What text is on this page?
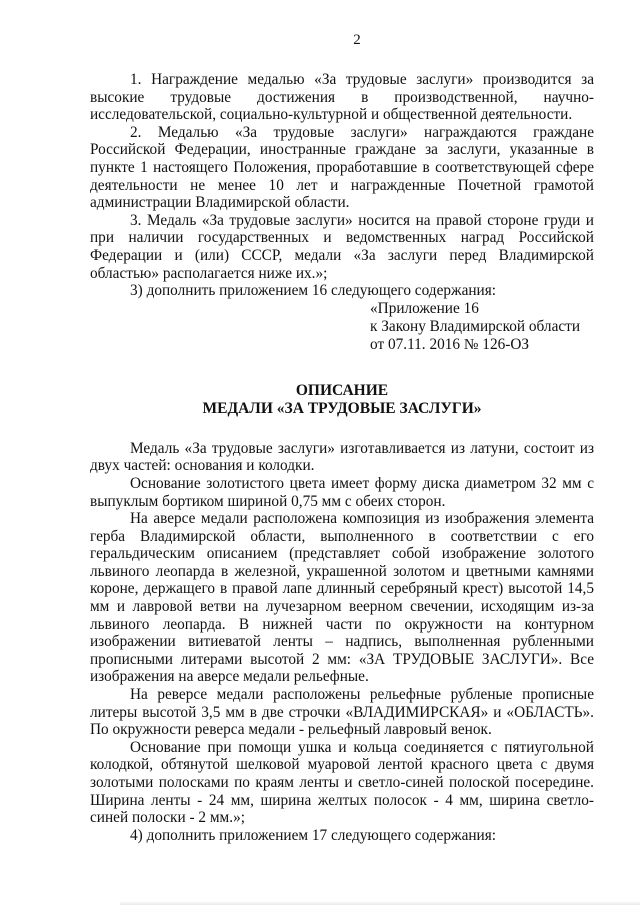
2

1. Награждение медалью «За трудовые заслуги» производится за высокие трудовые достижения в производственной, научно-исследовательской, социально-культурной и общественной деятельности.

2. Медалью «За трудовые заслуги» награждаются граждане Российской Федерации, иностранные граждане за заслуги, указанные в пункте 1 настоящего Положения, проработавшие в соответствующей сфере деятельности не менее 10 лет и награжденные Почетной грамотой администрации Владимирской области.

3. Медаль «За трудовые заслуги» носится на правой стороне груди и при наличии государственных и ведомственных наград Российской Федерации и (или) СССР, медали «За заслуги перед Владимирской областью» располагается ниже их.»;

3) дополнить приложением 16 следующего содержания:

«Приложение 16
к Закону Владимирской области
от 07.11. 2016 № 126-ОЗ
ОПИСАНИЕ
МЕДАЛИ «ЗА ТРУДОВЫЕ ЗАСЛУГИ»

Медаль «За трудовые заслуги» изготавливается из латуни, состоит из двух частей: основания и колодки.

Основание золотистого цвета имеет форму диска диаметром 32 мм с выпуклым бортиком шириной 0,75 мм с обеих сторон.

На аверсе медали расположена композиция из изображения элемента герба Владимирской области, выполненного в соответствии с его геральдическим описанием (представляет собой изображение золотого львиного леопарда в железной, украшенной золотом и цветными камнями короне, держащего в правой лапе длинный серебряный крест) высотой 14,5 мм и лавровой ветви на лучезарном веерном свечении, исходящим из-за львиного леопарда. В нижней части по окружности на контурном изображении витиеватой ленты – надпись, выполненная рубленными прописными литерами высотой 2 мм: «ЗА ТРУДОВЫЕ ЗАСЛУГИ». Все изображения на аверсе медали рельефные.

На реверсе медали расположены рельефные рубленые прописные литеры высотой 3,5 мм в две строчки «ВЛАДИМИРСКАЯ» и «ОБЛАСТЬ». По окружности реверса медали - рельефный лавровый венок.

Основание при помощи ушка и кольца соединяется с пятиугольной колодкой, обтянутой шелковой муаровой лентой красного цвета с двумя золотыми полосками по краям ленты и светло-синей полоской посередине. Ширина ленты - 24 мм, ширина желтых полосок - 4 мм, ширина светло-синей полоски - 2 мм.»;

4) дополнить приложением 17 следующего содержания:
